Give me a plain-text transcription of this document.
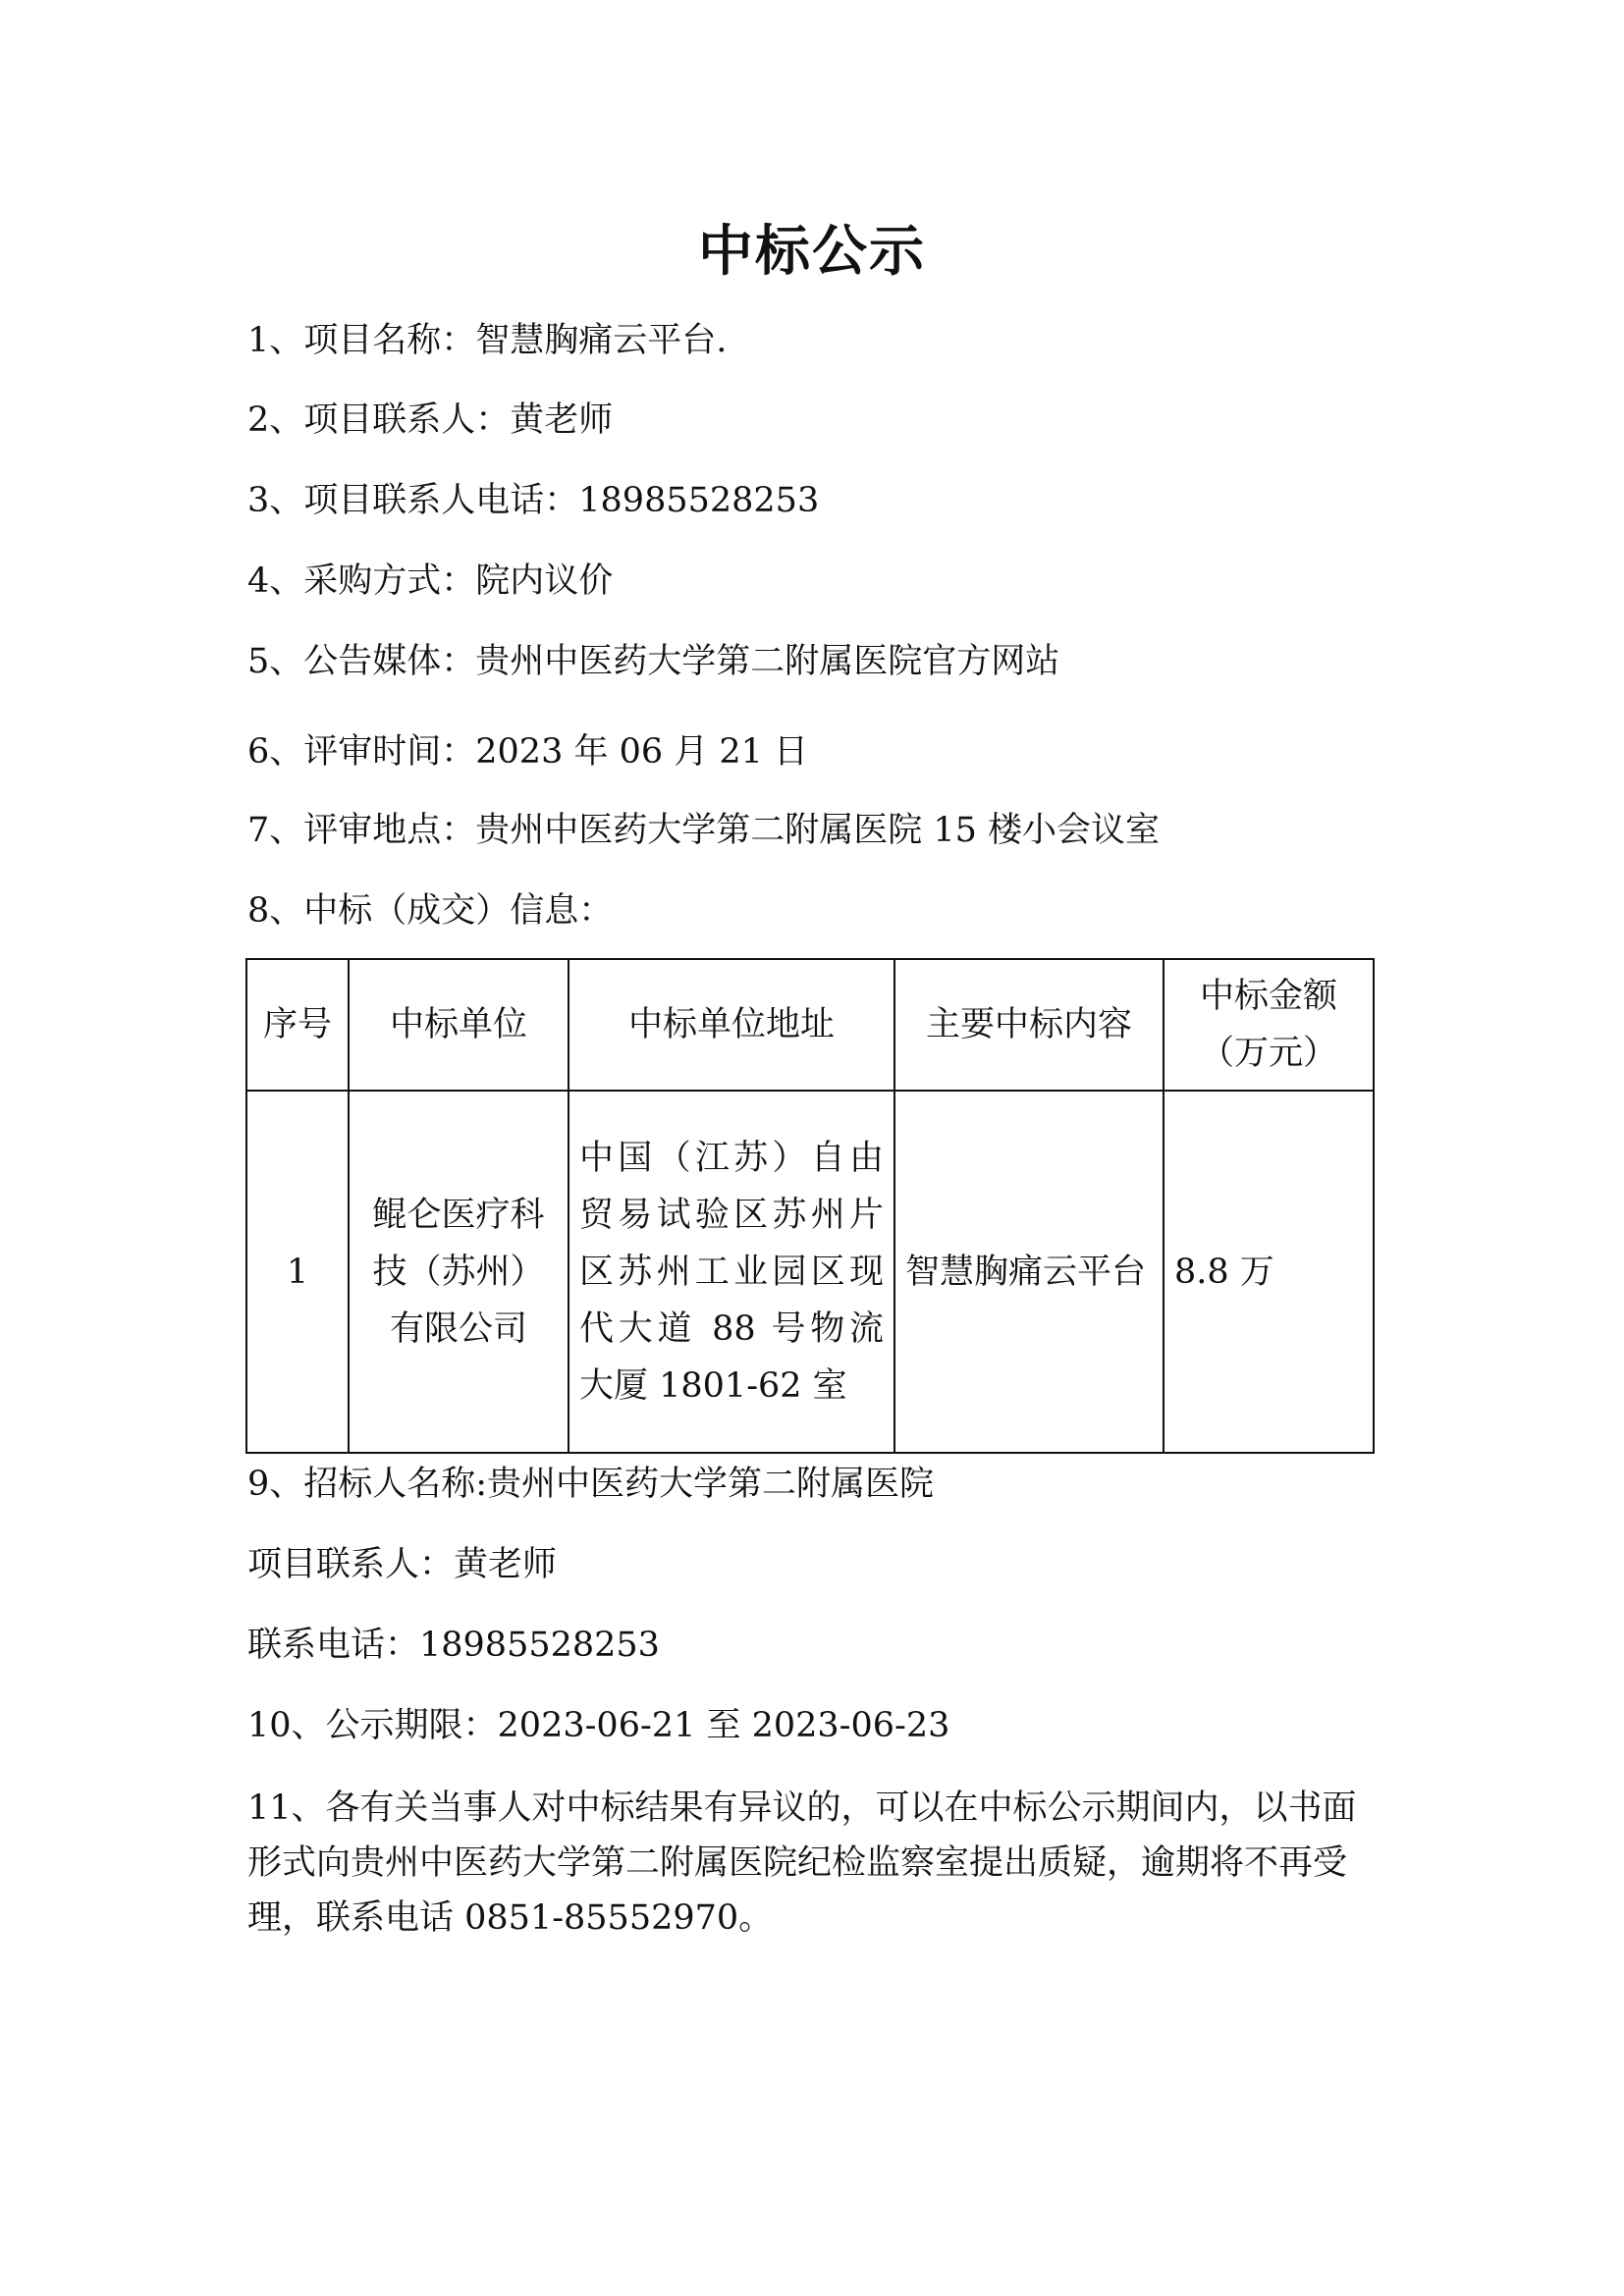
中标公示
1、项目名称：智慧胸痛云平台.
2、项目联系人：黄老师
3、项目联系人电话：18985528253
4、采购方式：院内议价
5、公告媒体：贵州中医药大学第二附属医院官方网站
6、评审时间：2023 年 06 月 21 日
7、评审地点：贵州中医药大学第二附属医院 15 楼小会议室
8、中标（成交）信息：
序号	中标单位	中标单位地址	主要中标内容	中标金额（万元）
1	鲲仑医疗科技（苏州）有限公司	中国（江苏）自由贸易试验区苏州片区苏州工业园区现代大道 88 号物流大厦 1801-62 室	智慧胸痛云平台	8.8 万
9、招标人名称:贵州中医药大学第二附属医院
项目联系人：黄老师
联系电话：18985528253
10、公示期限：2023-06-21 至 2023-06-23
11、各有关当事人对中标结果有异议的，可以在中标公示期间内，以书面形式向贵州中医药大学第二附属医院纪检监察室提出质疑，逾期将不再受理，联系电话 0851-85552970。
